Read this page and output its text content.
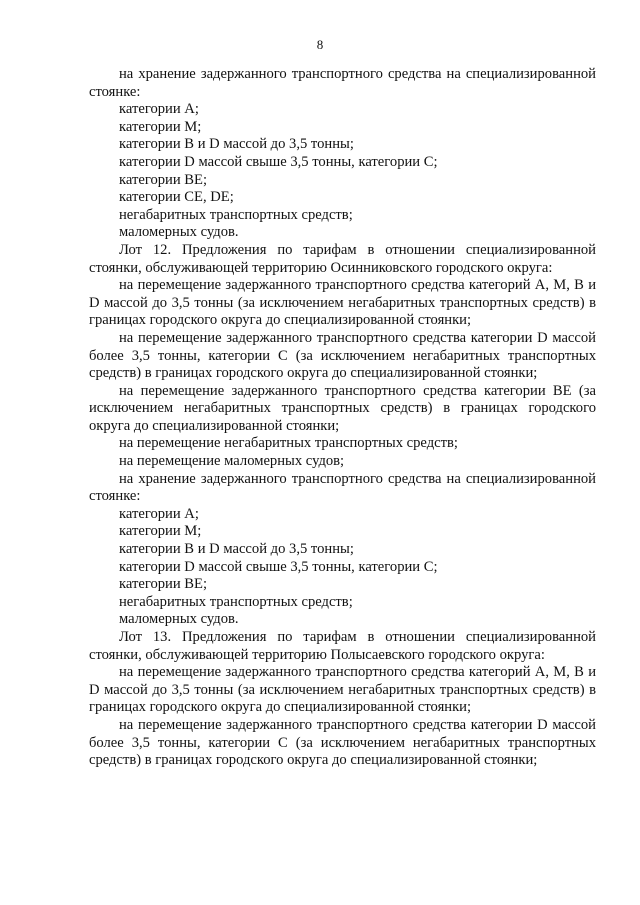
8

на хранение задержанного транспортного средства на специализированной стоянке:

категории A;

категории M;

категории B и D массой до 3,5 тонны;

категории D массой свыше 3,5 тонны, категории C;

категории BE;

категории CE, DE;

негабаритных транспортных средств;

маломерных судов.

Лот 12. Предложения по тарифам в отношении специализированной стоянки, обслуживающей территорию Осинниковского городского округа:

на перемещение задержанного транспортного средства категорий A, M, B и D массой до 3,5 тонны (за исключением негабаритных транспортных средств) в границах городского округа до специализированной стоянки;

на перемещение задержанного транспортного средства категории D массой более 3,5 тонны, категории C (за исключением негабаритных транспортных средств) в границах городского округа до специализированной стоянки;

на перемещение задержанного транспортного средства категории BE (за исключением негабаритных транспортных средств) в границах городского округа до специализированной стоянки;

на перемещение негабаритных транспортных средств;

на перемещение маломерных судов;

на хранение задержанного транспортного средства на специализированной стоянке:

категории A;

категории M;

категории B и D массой до 3,5 тонны;

категории D массой свыше 3,5 тонны, категории C;

категории BE;

негабаритных транспортных средств;

маломерных судов.

Лот 13. Предложения по тарифам в отношении специализированной стоянки, обслуживающей территорию Полысаевского городского округа:

на перемещение задержанного транспортного средства категорий A, M, B и D массой до 3,5 тонны (за исключением негабаритных транспортных средств) в границах городского округа до специализированной стоянки;

на перемещение задержанного транспортного средства категории D массой более 3,5 тонны, категории C (за исключением негабаритных транспортных средств) в границах городского округа до специализированной стоянки;
